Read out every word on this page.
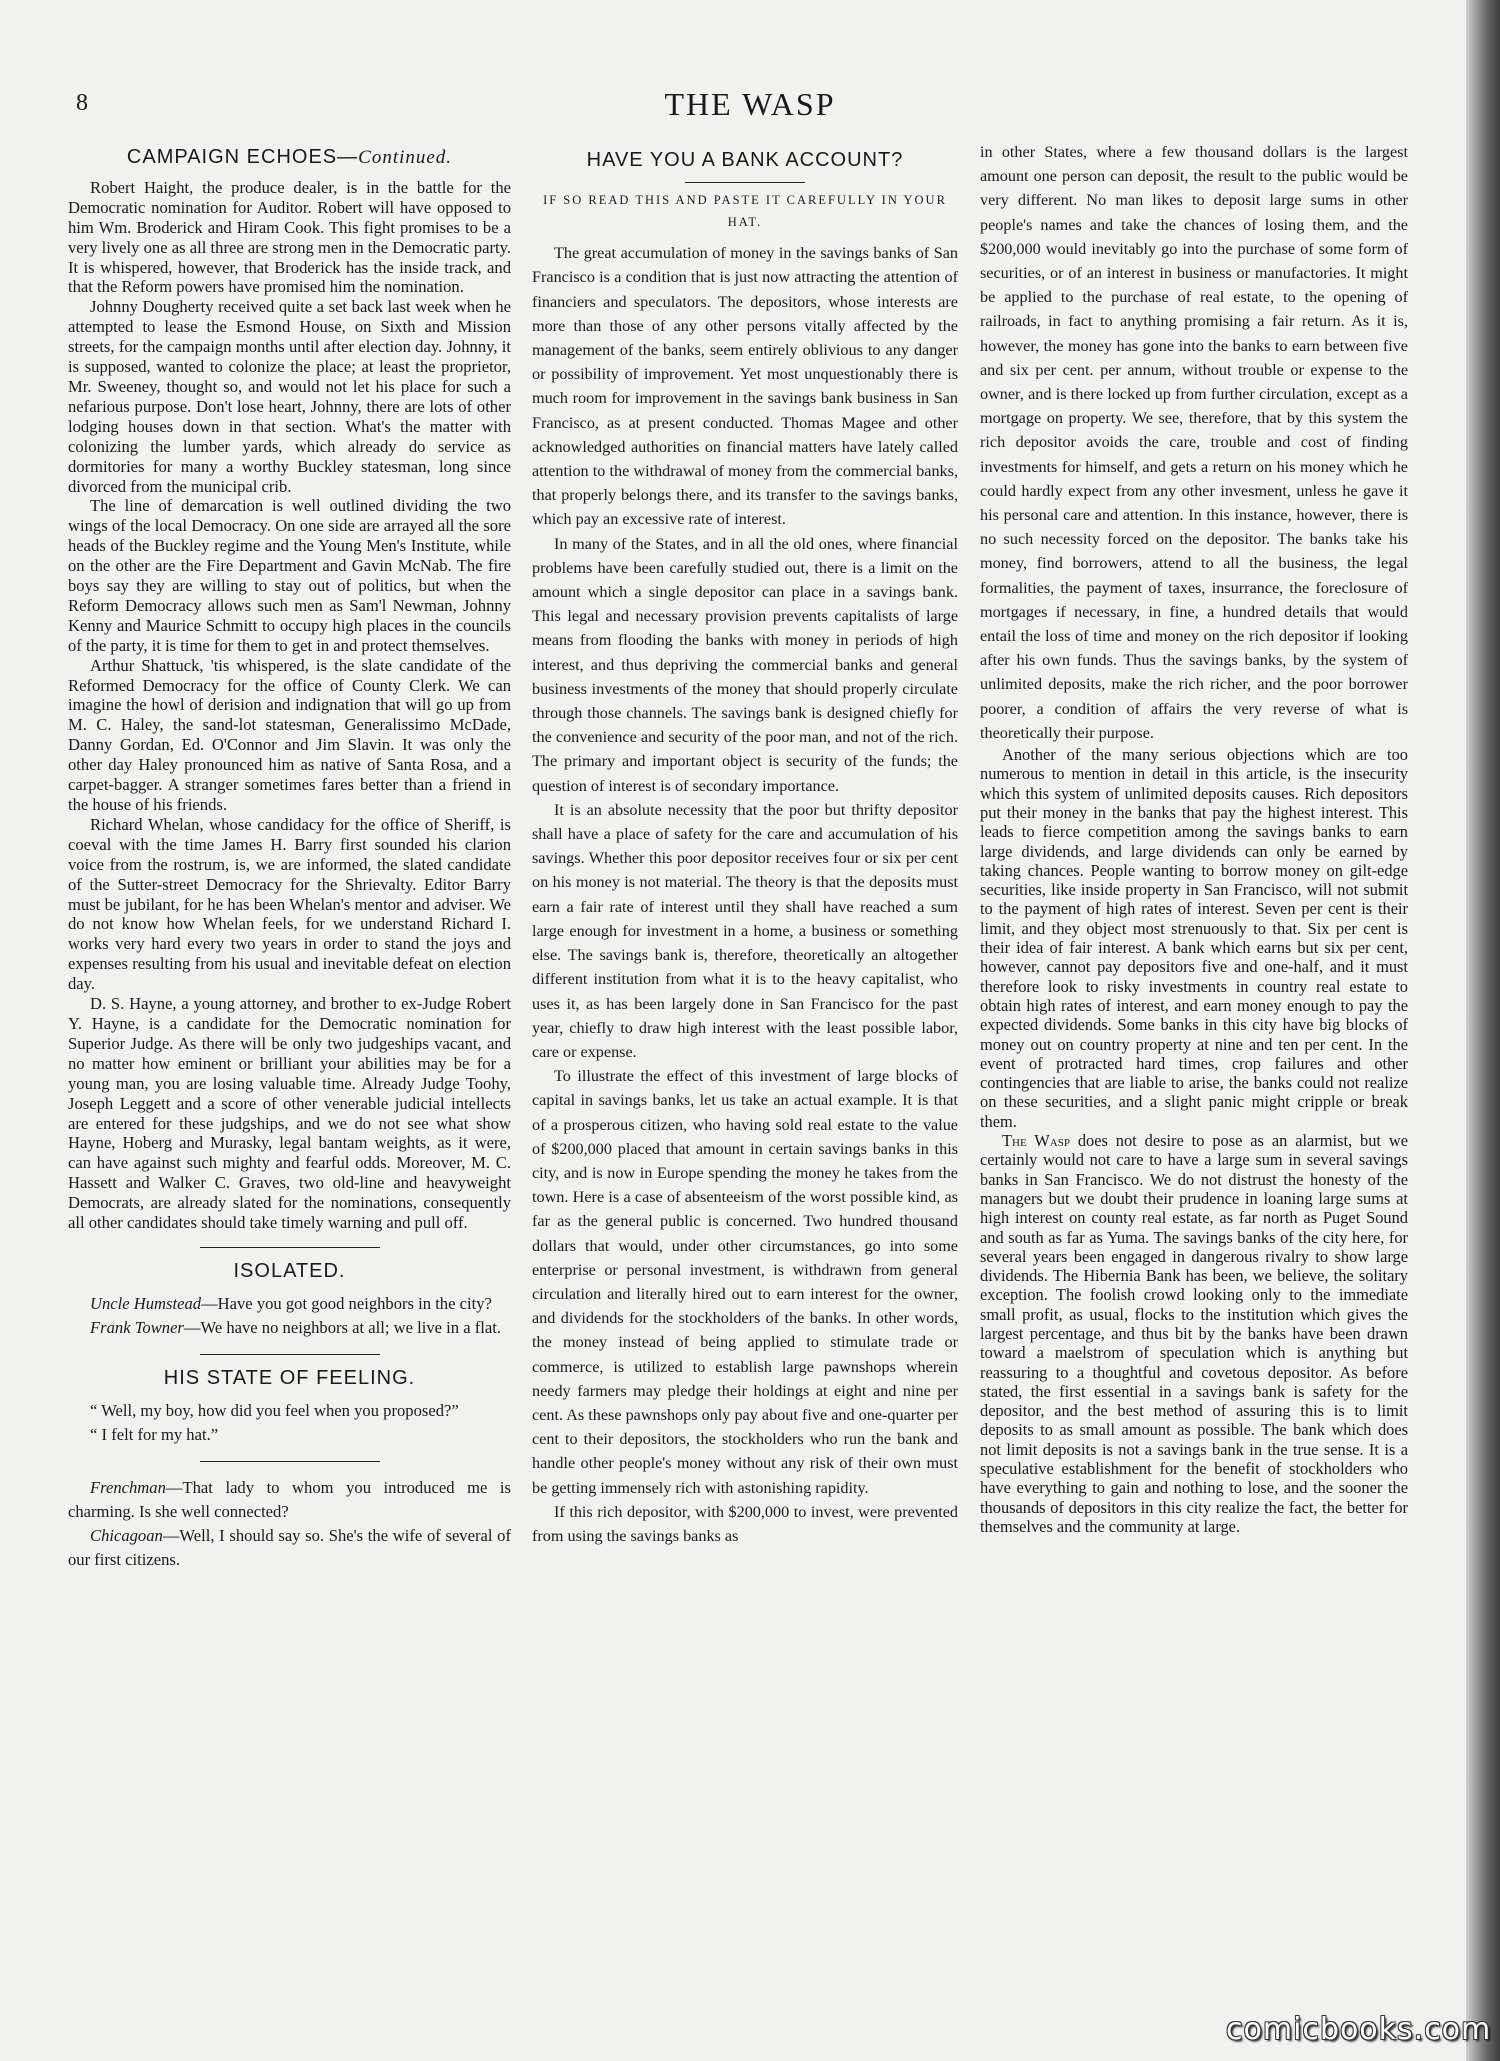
8	THE WASP
CAMPAIGN ECHOES—Continued.

Robert Haight, the produce dealer, is in the battle for the Democratic nomination for Auditor. Robert will have opposed to him Wm. Broderick and Hiram Cook. This fight promises to be a very lively one as all three are strong men in the Democratic party. It is whispered, however, that Broderick has the inside track, and that the Reform powers have promised him the nomination.

Johnny Dougherty received quite a set back last week when he attempted to lease the Esmond House, on Sixth and Mission streets, for the campaign months until after election day. Johnny, it is supposed, wanted to colonize the place; at least the proprietor, Mr. Sweeney, thought so, and would not let his place for such a nefarious purpose. Don't lose heart, Johnny, there are lots of other lodging houses down in that section. What's the matter with colonizing the lumber yards, which already do service as dormitories for many a worthy Buckley statesman, long since divorced from the municipal crib.

The line of demarcation is well outlined dividing the two wings of the local Democracy. On one side are arrayed all the sore heads of the Buckley regime and the Young Men's Institute, while on the other are the Fire Department and Gavin McNab. The fire boys say they are willing to stay out of politics, but when the Reform Democracy allows such men as Sam'l Newman, Johnny Kenny and Maurice Schmitt to occupy high places in the councils of the party, it is time for them to get in and protect themselves.

Arthur Shattuck, 'tis whispered, is the slate candidate of the Reformed Democracy for the office of County Clerk. We can imagine the howl of derision and indignation that will go up from M. C. Haley, the sand-lot statesman, Generalissimo McDade, Danny Gordan, Ed. O'Connor and Jim Slavin. It was only the other day Haley pronounced him as native of Santa Rosa, and a carpet-bagger. A stranger sometimes fares better than a friend in the house of his friends.

Richard Whelan, whose candidacy for the office of Sheriff, is coeval with the time James H. Barry first sounded his clarion voice from the rostrum, is, we are informed, the slated candidate of the Sutter-street Democracy for the Shrievalty. Editor Barry must be jubilant, for he has been Whelan's mentor and adviser. We do not know how Whelan feels, for we understand Richard I. works very hard every two years in order to stand the joys and expenses resulting from his usual and inevitable defeat on election day.

D. S. Hayne, a young attorney, and brother to ex-Judge Robert Y. Hayne, is a candidate for the Democratic nomination for Superior Judge. As there will be only two judgeships vacant, and no matter how eminent or brilliant your abilities may be for a young man, you are losing valuable time. Already Judge Toohy, Joseph Leggett and a score of other venerable judicial intellects are entered for these judgships, and we do not see what show Hayne, Hoberg and Murasky, legal bantam weights, as it were, can have against such mighty and fearful odds. Moreover, M. C. Hassett and Walker C. Graves, two old-line and heavyweight Democrats, are already slated for the nominations, consequently all other candidates should take timely warning and pull off.

ISOLATED.

Uncle Humstead—Have you got good neighbors in the city?

Frank Towner—We have no neighbors at all; we live in a flat.

HIS STATE OF FEELING.

“ Well, my boy, how did you feel when you proposed?”

“ I felt for my hat.”

Frenchman—That lady to whom you introduced me is charming. Is she well connected?

Chicagoan—Well, I should say so. She's the wife of several of our first citizens.

HAVE YOU A BANK ACCOUNT?
IF SO READ THIS AND PASTE IT CAREFULLY IN YOUR HAT.

The great accumulation of money in the savings banks of San Francisco is a condition that is just now attracting the attention of financiers and speculators. The depositors, whose interests are more than those of any other persons vitally affected by the management of the banks, seem entirely oblivious to any danger or possibility of improvement. Yet most unquestionably there is much room for improvement in the savings bank business in San Francisco, as at present conducted. Thomas Magee and other acknowledged authorities on financial matters have lately called attention to the withdrawal of money from the commercial banks, that properly belongs there, and its transfer to the savings banks, which pay an excessive rate of interest.

In many of the States, and in all the old ones, where financial problems have been carefully studied out, there is a limit on the amount which a single depositor can place in a savings bank. This legal and necessary provision prevents capitalists of large means from flooding the banks with money in periods of high interest, and thus depriving the commercial banks and general business investments of the money that should properly circulate through those channels. The savings bank is designed chiefly for the convenience and security of the poor man, and not of the rich. The primary and important object is security of the funds; the question of interest is of secondary importance.

It is an absolute necessity that the poor but thrifty depositor shall have a place of safety for the care and accumulation of his savings. Whether this poor depositor receives four or six per cent on his money is not material. The theory is that the deposits must earn a fair rate of interest until they shall have reached a sum large enough for investment in a home, a business or something else. The savings bank is, therefore, theoretically an altogether different institution from what it is to the heavy capitalist, who uses it, as has been largely done in San Francisco for the past year, chiefly to draw high interest with the least possible labor, care or expense.

To illustrate the effect of this investment of large blocks of capital in savings banks, let us take an actual example. It is that of a prosperous citizen, who having sold real estate to the value of $200,000 placed that amount in certain savings banks in this city, and is now in Europe spending the money he takes from the town. Here is a case of absenteeism of the worst possible kind, as far as the general public is concerned. Two hundred thousand dollars that would, under other circumstances, go into some enterprise or personal investment, is withdrawn from general circulation and literally hired out to earn interest for the owner, and dividends for the stockholders of the banks. In other words, the money instead of being applied to stimulate trade or commerce, is utilized to establish large pawnshops wherein needy farmers may pledge their holdings at eight and nine per cent. As these pawnshops only pay about five and one-quarter per cent to their depositors, the stockholders who run the bank and handle other people's money without any risk of their own must be getting immensely rich with astonishing rapidity.

If this rich depositor, with $200,000 to invest, were prevented from using the savings banks as

in other States, where a few thousand dollars is the largest amount one person can deposit, the result to the public would be very different. No man likes to deposit large sums in other people's names and take the chances of losing them, and the $200,000 would inevitably go into the purchase of some form of securities, or of an interest in business or manufactories. It might be applied to the purchase of real estate, to the opening of railroads, in fact to anything promising a fair return. As it is, however, the money has gone into the banks to earn between five and six per cent. per annum, without trouble or expense to the owner, and is there locked up from further circulation, except as a mortgage on property. We see, therefore, that by this system the rich depositor avoids the care, trouble and cost of finding investments for himself, and gets a return on his money which he could hardly expect from any other invesment, unless he gave it his personal care and attention. In this instance, however, there is no such necessity forced on the depositor. The banks take his money, find borrowers, attend to all the business, the legal formalities, the payment of taxes, insurrance, the foreclosure of mortgages if necessary, in fine, a hundred details that would entail the loss of time and money on the rich depositor if looking after his own funds. Thus the savings banks, by the system of unlimited deposits, make the rich richer, and the poor borrower poorer, a condition of affairs the very reverse of what is theoretically their purpose.

Another of the many serious objections which are too numerous to mention in detail in this article, is the insecurity which this system of unlimited deposits causes. Rich depositors put their money in the banks that pay the highest interest. This leads to fierce competition among the savings banks to earn large dividends, and large dividends can only be earned by taking chances. People wanting to borrow money on gilt-edge securities, like inside property in San Francisco, will not submit to the payment of high rates of interest. Seven per cent is their limit, and they object most strenuously to that. Six per cent is their idea of fair interest. A bank which earns but six per cent, however, cannot pay depositors five and one-half, and it must therefore look to risky investments in country real estate to obtain high rates of interest, and earn money enough to pay the expected dividends. Some banks in this city have big blocks of money out on country property at nine and ten per cent. In the event of protracted hard times, crop failures and other contingencies that are liable to arise, the banks could not realize on these securities, and a slight panic might cripple or break them.

The Wasp does not desire to pose as an alarmist, but we certainly would not care to have a large sum in several savings banks in San Francisco. We do not distrust the honesty of the managers but we doubt their prudence in loaning large sums at high interest on county real estate, as far north as Puget Sound and south as far as Yuma. The savings banks of the city here, for several years been engaged in dangerous rivalry to show large dividends. The Hibernia Bank has been, we believe, the solitary exception. The foolish crowd looking only to the immediate small profit, as usual, flocks to the institution which gives the largest percentage, and thus bit by the banks have been drawn toward a maelstrom of speculation which is anything but reassuring to a thoughtful and covetous depositor. As before stated, the first essential in a savings bank is safety for the depositor, and the best method of assuring this is to limit deposits to as small amount as possible. The bank which does not limit deposits is not a savings bank in the true sense. It is a speculative establishment for the benefit of stockholders who have everything to gain and nothing to lose, and the sooner the thousands of depositors in this city realize the fact, the better for themselves and the community at large.

comicbooks.com
